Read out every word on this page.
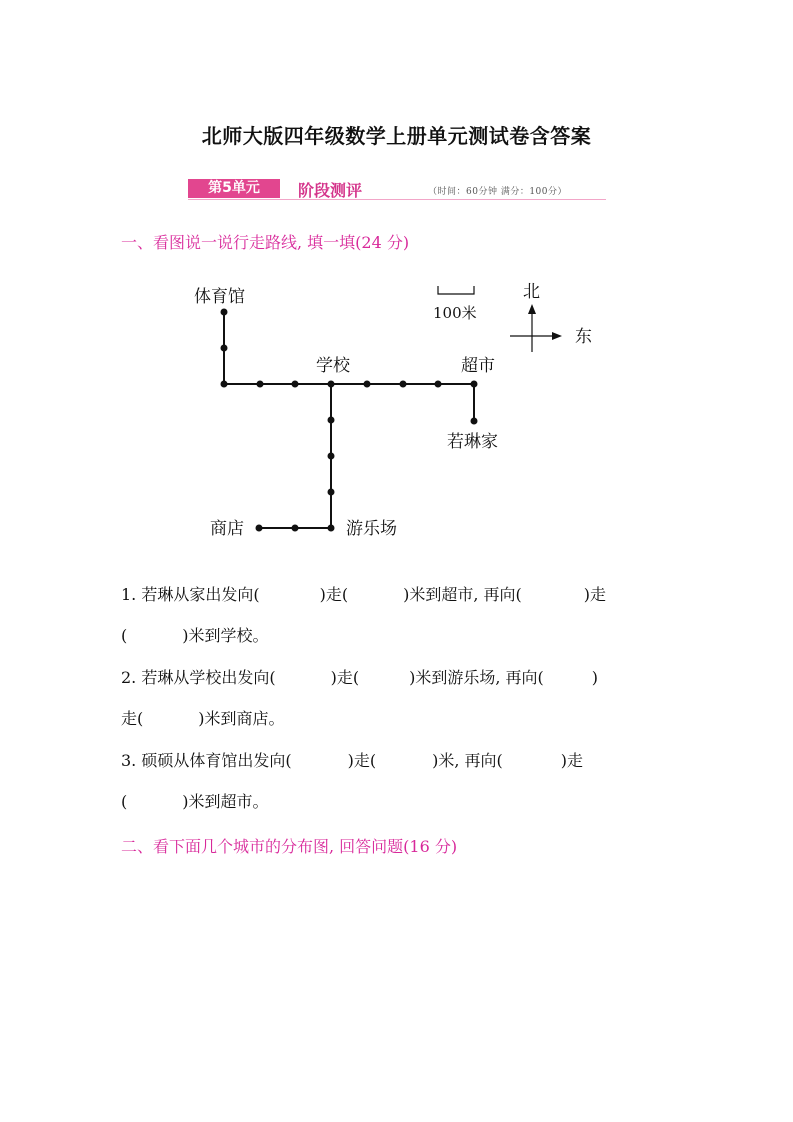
北师大版四年级数学上册单元测试卷含答案
第5单元	阶段测评	（时间：60分钟 满分：100分）
一、看图说一说行走路线, 填一填(24 分)
体育馆
学校	超市
若琳家
商店	游乐场
100米
北
东
1. 若琳从家出发向(	)走(	)米到超市, 再向(	)走
(	)米到学校。
2. 若琳从学校出发向(	)走(	)米到游乐场, 再向(	)
走(	)米到商店。
3. 硕硕从体育馆出发向(	)走(	)米, 再向(	)走
(	)米到超市。
二、看下面几个城市的分布图, 回答问题(16 分)
